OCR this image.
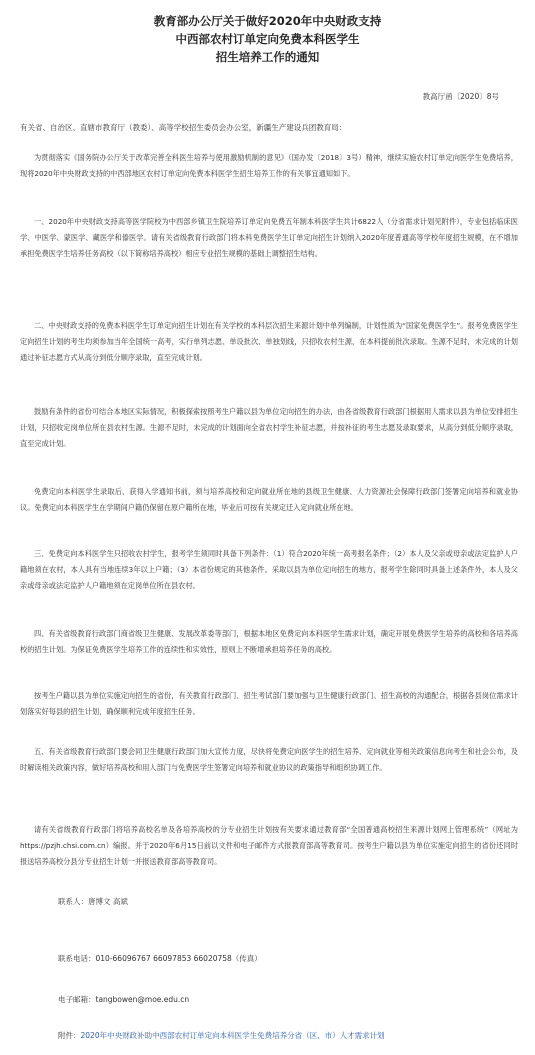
教育部办公厅关于做好2020年中央财政支持
中西部农村订单定向免费本科医学生
招生培养工作的通知
教高厅函〔2020〕8号
有关省、自治区、直辖市教育厅（教委）、高等学校招生委员会办公室，新疆生产建设兵团教育局：
为贯彻落实《国务院办公厅关于改革完善全科医生培养与使用激励机制的意见》（国办发〔2018〕3号）精神，继续实施农村订单定向医学生免费培养，现将2020年中央财政支持的中西部地区农村订单定向免费本科医学生招生培养工作的有关事宜通知如下。
一、2020年中央财政支持高等医学院校为中西部乡镇卫生院培养订单定向免费五年制本科医学生共计6822人（分省需求计划见附件），专业包括临床医学、中医学、蒙医学、藏医学和傣医学。请有关省级教育行政部门将本科免费医学生订单定向招生计划纳入2020年度普通高等学校年度招生规模，在不增加承担免费医学生培养任务高校（以下简称培养高校）相应专业招生规模的基础上调整招生结构。
二、中央财政支持的免费本科医学生订单定向招生计划在有关学校的本科层次招生来源计划中单列编制，计划性质为“国家免费医学生”。报考免费医学生定向招生计划的考生均须参加当年全国统一高考，实行单列志愿、单设批次、单独划线，只招收农村生源，在本科提前批次录取。生源不足时，未完成的计划通过补征志愿方式从高分到低分顺序录取，直至完成计划。
鼓励有条件的省份可结合本地区实际情况，积极探索按照考生户籍以县为单位定向招生的办法，由各省级教育行政部门根据用人需求以县为单位安排招生计划，只招收定岗单位所在县农村生源。生源不足时，未完成的计划面向全省农村学生补征志愿，并按补征的考生志愿及录取要求，从高分到低分顺序录取，直至完成计划。
免费定向本科医学生录取后、获得入学通知书前，须与培养高校和定向就业所在地的县级卫生健康、人力资源社会保障行政部门签署定向培养和就业协议。免费定向本科医学生在学期间户籍仍保留在原户籍所在地，毕业后可按有关规定迁入定向就业所在地。
三、免费定向本科医学生只招收农村学生，报考学生须同时具备下列条件：（1）符合2020年统一高考报名条件；（2）本人及父亲或母亲或法定监护人户籍地须在农村，本人具有当地连续3年以上户籍；（3）本省份规定的其他条件。采取以县为单位定向招生的地方，报考学生除同时具备上述条件外，本人及父亲或母亲或法定监护人户籍地须在定岗单位所在县农村。
四、有关省级教育行政部门商省级卫生健康、发展改革委等部门，根据本地区免费定向本科医学生需求计划，确定开展免费医学生培养的高校和各培养高校的招生计划。为保证免费医学生培养工作的连续性和实效性，原则上不断增承担培养任务的高校。
按考生户籍以县为单位实施定向招生的省份，有关教育行政部门、招生考试部门要加强与卫生健康行政部门、招生高校的沟通配合，根据各县岗位需求计划落实好每县的招生计划，确保顺利完成年度招生任务。
五、有关省级教育行政部门要会同卫生健康行政部门加大宣传力度，尽快将免费定向医学生的招生培养、定向就业等相关政策信息向考生和社会公布，及时解读相关政策内容，做好培养高校和用人部门与免费医学生签署定向培养和就业协议的政策指导和组织协调工作。
请有关省级教育行政部门将培养高校名单及各培养高校的分专业招生计划按有关要求通过教育部“全国普通高校招生来源计划网上管理系统”（网址为https://pzjh.chsi.com.cn）编报。并于2020年6月15日前以文件和电子邮件方式报教育部高等教育司。按考生户籍以县为单位实施定向招生的省份还同时报送培养高校分县分专业招生计划一并报送教育部高等教育司。
联系人：唐博文 高斌
联系电话：010-66096767 66097853 66020758（传真）
电子邮箱：tangbowen@moe.edu.cn
附件：2020年中央财政补助中西部农村订单定向本科医学生免费培养分省（区、市）人才需求计划
